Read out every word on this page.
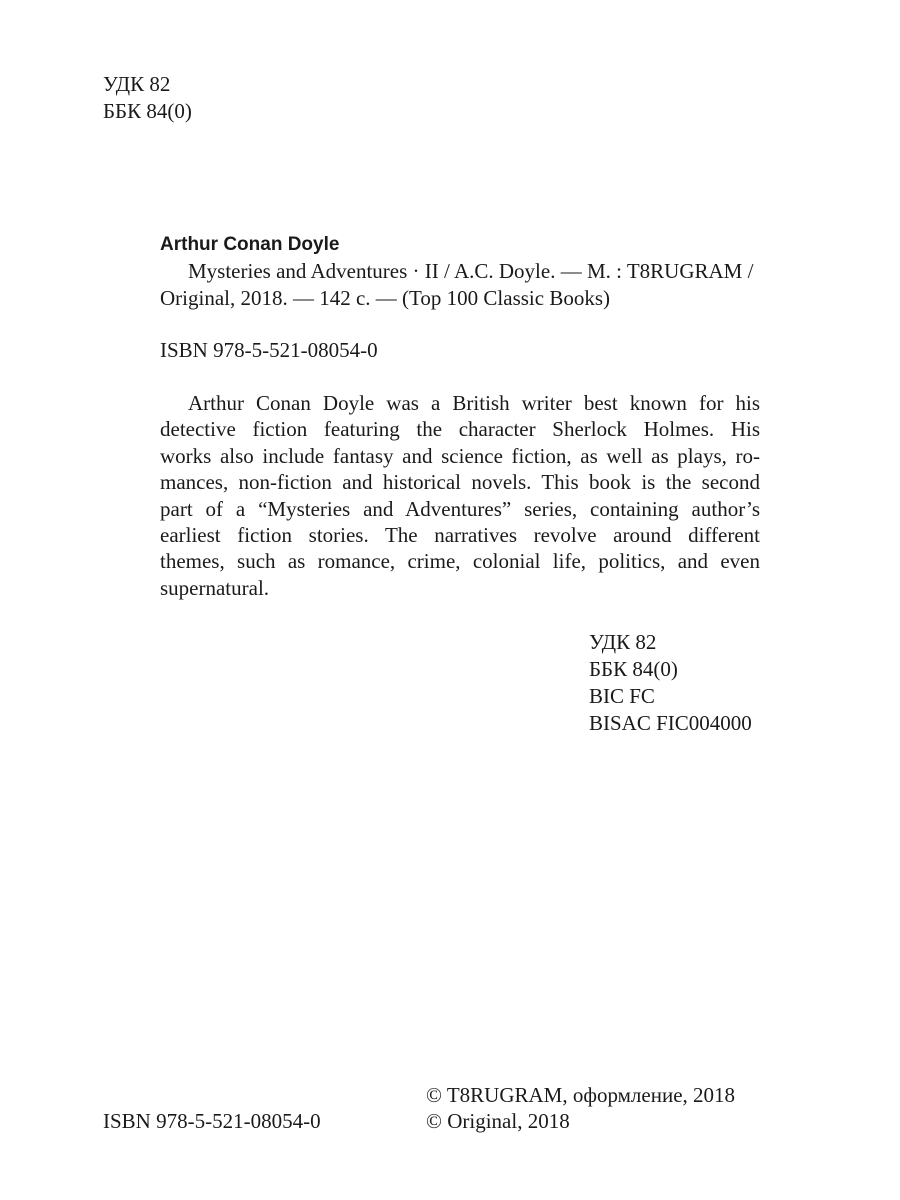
УДК 82
ББК 84(0)
Arthur Conan Doyle
Mysteries and Adventures · II / A.C. Doyle. — M. : T8RUGRAM /
Original, 2018. — 142 c. — (Top 100 Classic Books)
ISBN 978-5-521-08054-0
Arthur Conan Doyle was a British writer best known for his
detective fiction featuring the character Sherlock Holmes. His
works also include fantasy and science fiction, as well as plays, ro-
mances, non-fiction and historical novels. This book is the second
part of a “Mysteries and Adventures” series, containing author’s
earliest fiction stories. The narratives revolve around different
themes, such as romance, crime, colonial life, politics, and even
supernatural.
УДК 82
ББК 84(0)
BIC FC
BISAC FIC004000
ISBN 978-5-521-08054-0
© T8RUGRAM, оформление, 2018
© Original, 2018
